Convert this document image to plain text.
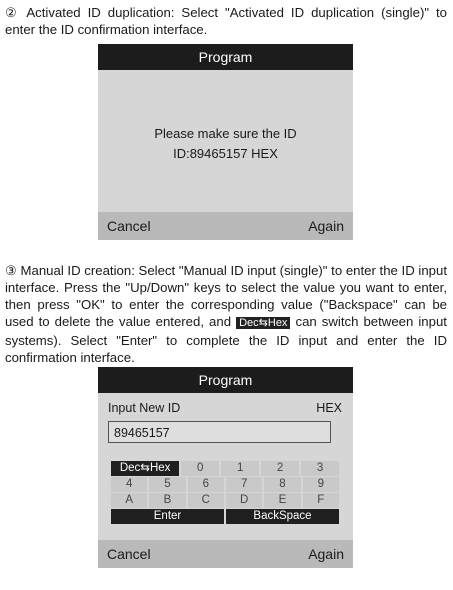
② Activated ID duplication: Select "Activated ID duplication (single)" to enter the ID confirmation interface.
Program
Please make sure the ID
ID:89465157 HEX
Cancel	Again
③ Manual ID creation: Select "Manual ID input (single)" to enter the ID input interface. Press the "Up/Down" keys to select the value you want to enter, then press "OK" to enter the corresponding value ("Backspace" can be used to delete the value entered, and Dec⇆Hex can switch between input systems). Select "Enter" to complete the ID input and enter the ID confirmation interface.
Program
Input New ID	HEX
89465157
Dec⇆Hex	0	1	2	3
4	5	6	7	8	9
A	B	C	D	E	F
Enter	BackSpace
Cancel	Again
